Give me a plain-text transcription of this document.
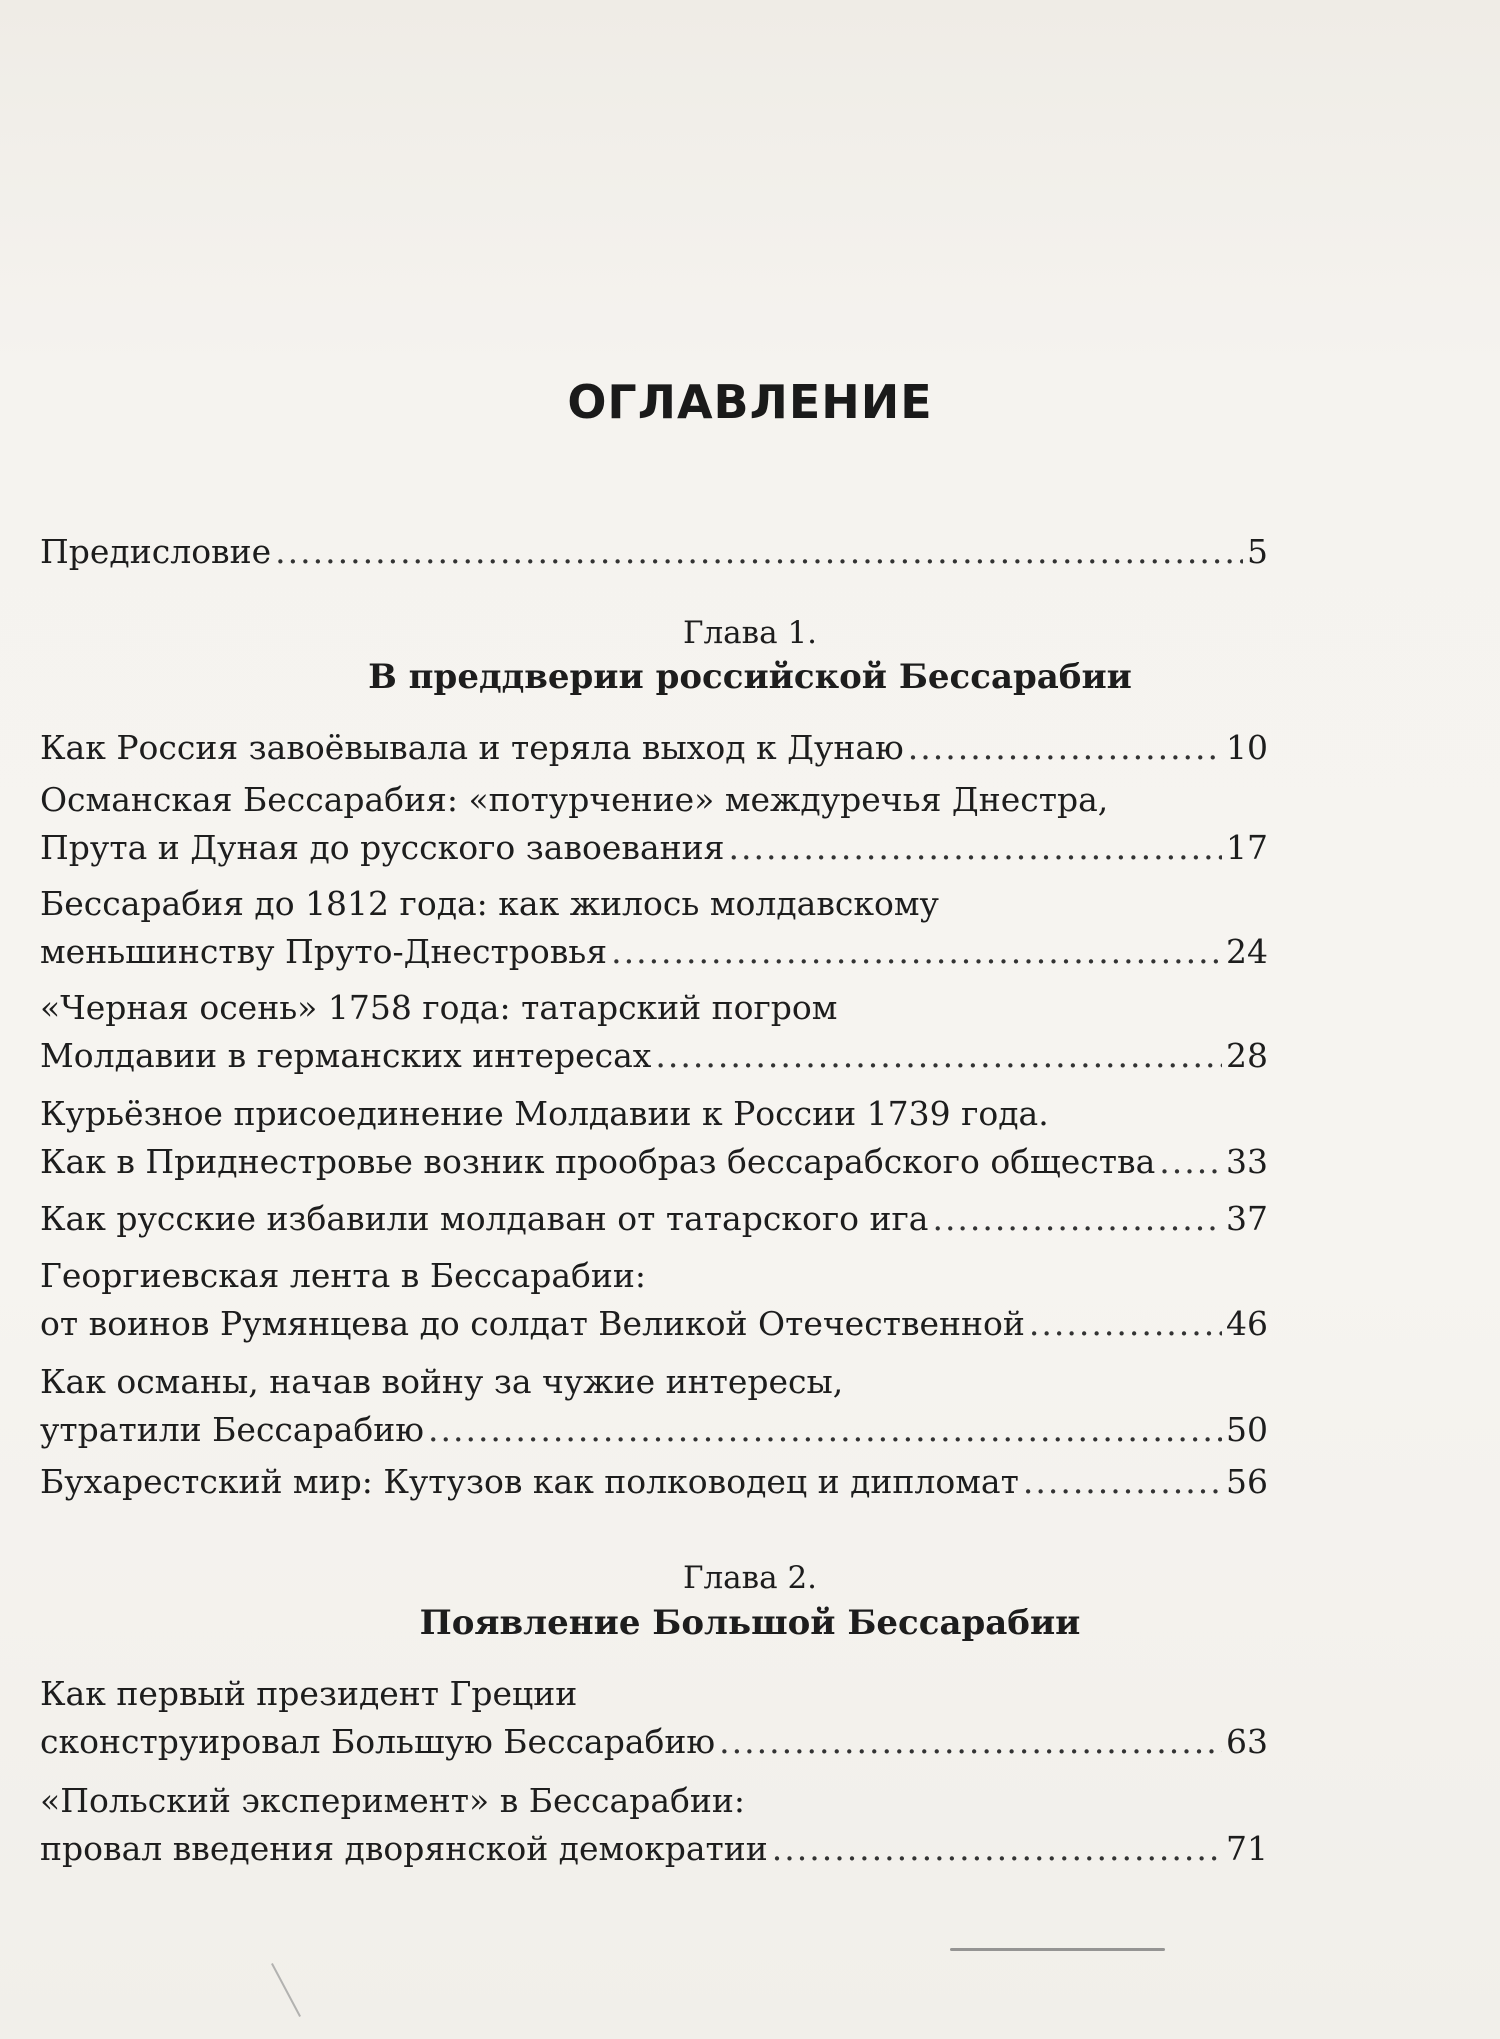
ОГЛАВЛЕНИЕ
Предисловие .....	5
Глава 1.
В преддверии российской Бессарабии
Как Россия завоёвывала и теряла выход к Дунаю .....	10
Османская Бессарабия: «потурчение» междуречья Днестра,
Прута и Дуная до русского завоевания .....	17
Бессарабия до 1812 года: как жилось молдавскому
меньшинству Пруто-Днестровья .....	24
«Черная осень» 1758 года: татарский погром
Молдавии в германских интересах .....	28
Курьёзное присоединение Молдавии к России 1739 года.
Как в Приднестровье возник прообраз бессарабского общества ..... 33
Как русские избавили молдаван от татарского ига .....	37
Георгиевская лента в Бессарабии:
от воинов Румянцева до солдат Великой Отечественной .....	46
Как османы, начав войну за чужие интересы,
утратили Бессарабию .....	50
Бухарестский мир: Кутузов как полководец и дипломат .....	56
Глава 2.
Появление Большой Бессарабии
Как первый президент Греции
сконструировал Большую Бессарабию .....	63
«Польский эксперимент» в Бессарабии:
провал введения дворянской демократии .....	71
